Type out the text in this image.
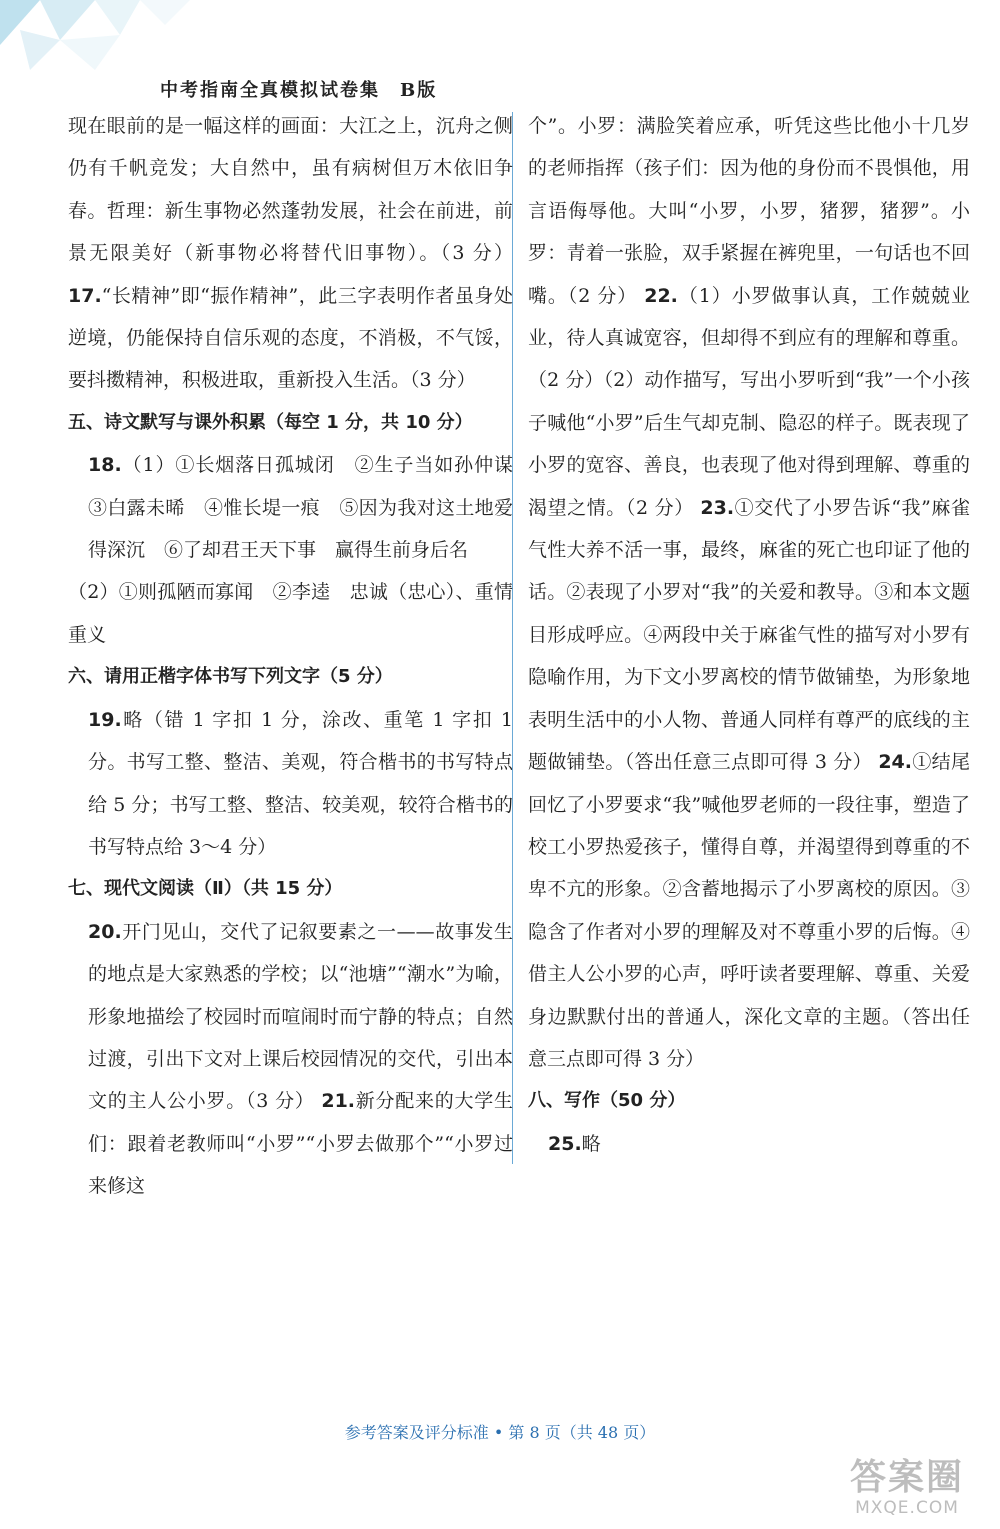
中考指南全真模拟试卷集　B版

现在眼前的是一幅这样的画面：大江之上，沉舟之侧仍有千帆竞发；大自然中，虽有病树但万木依旧争春。哲理：新生事物必然蓬勃发展，社会在前进，前景无限美好（新事物必将替代旧事物）。（3 分） 17.“长精神”即“振作精神”，此三字表明作者虽身处逆境，仍能保持自信乐观的态度，不消极，不气馁，要抖擞精神，积极进取，重新投入生活。（3 分）

五、诗文默写与课外积累（每空 1 分，共 10 分）

18.（1）①长烟落日孤城闭　②生子当如孙仲谋　③白露未晞　④惟长堤一痕　⑤因为我对这土地爱得深沉　⑥了却君王天下事　赢得生前身后名

（2）①则孤陋而寡闻　②李逵　忠诚（忠心）、重情重义

六、请用正楷字体书写下列文字（5 分）

19.略（错 1 字扣 1 分，涂改、重笔 1 字扣 1 分。书写工整、整洁、美观，符合楷书的书写特点给 5 分；书写工整、整洁、较美观，较符合楷书的书写特点给 3～4 分）

七、现代文阅读（Ⅱ）（共 15 分）

20.开门见山，交代了记叙要素之一——故事发生的地点是大家熟悉的学校；以“池塘”“潮水”为喻，形象地描绘了校园时而喧闹时而宁静的特点；自然过渡，引出下文对上课后校园情况的交代，引出本文的主人公小罗。（3 分） 21.新分配来的大学生们：跟着老教师叫“小罗”“小罗去做那个”“小罗过来修这

个”。小罗：满脸笑着应承，听凭这些比他小十几岁的老师指挥（孩子们：因为他的身份而不畏惧他，用言语侮辱他。大叫“小罗，小罗，猪猡，猪猡”。小罗：青着一张脸，双手紧握在裤兜里，一句话也不回嘴。（2 分） 22.（1）小罗做事认真，工作兢兢业业，待人真诚宽容，但却得不到应有的理解和尊重。（2 分）（2）动作描写，写出小罗听到“我”一个小孩子喊他“小罗”后生气却克制、隐忍的样子。既表现了小罗的宽容、善良，也表现了他对得到理解、尊重的渴望之情。（2 分） 23.①交代了小罗告诉“我”麻雀气性大养不活一事，最终，麻雀的死亡也印证了他的话。②表现了小罗对“我”的关爱和教导。③和本文题目形成呼应。④两段中关于麻雀气性的描写对小罗有隐喻作用，为下文小罗离校的情节做铺垫，为形象地表明生活中的小人物、普通人同样有尊严的底线的主题做铺垫。（答出任意三点即可得 3 分） 24.①结尾回忆了小罗要求“我”喊他罗老师的一段往事，塑造了校工小罗热爱孩子，懂得自尊，并渴望得到尊重的不卑不亢的形象。②含蓄地揭示了小罗离校的原因。③隐含了作者对小罗的理解及对不尊重小罗的后悔。④借主人公小罗的心声，呼吁读者要理解、尊重、关爱身边默默付出的普通人，深化文章的主题。（答出任意三点即可得 3 分）

八、写作（50 分）

25.略

参考答案及评分标准 • 第 8 页（共 48 页）
答案圈
MXQE.COM
